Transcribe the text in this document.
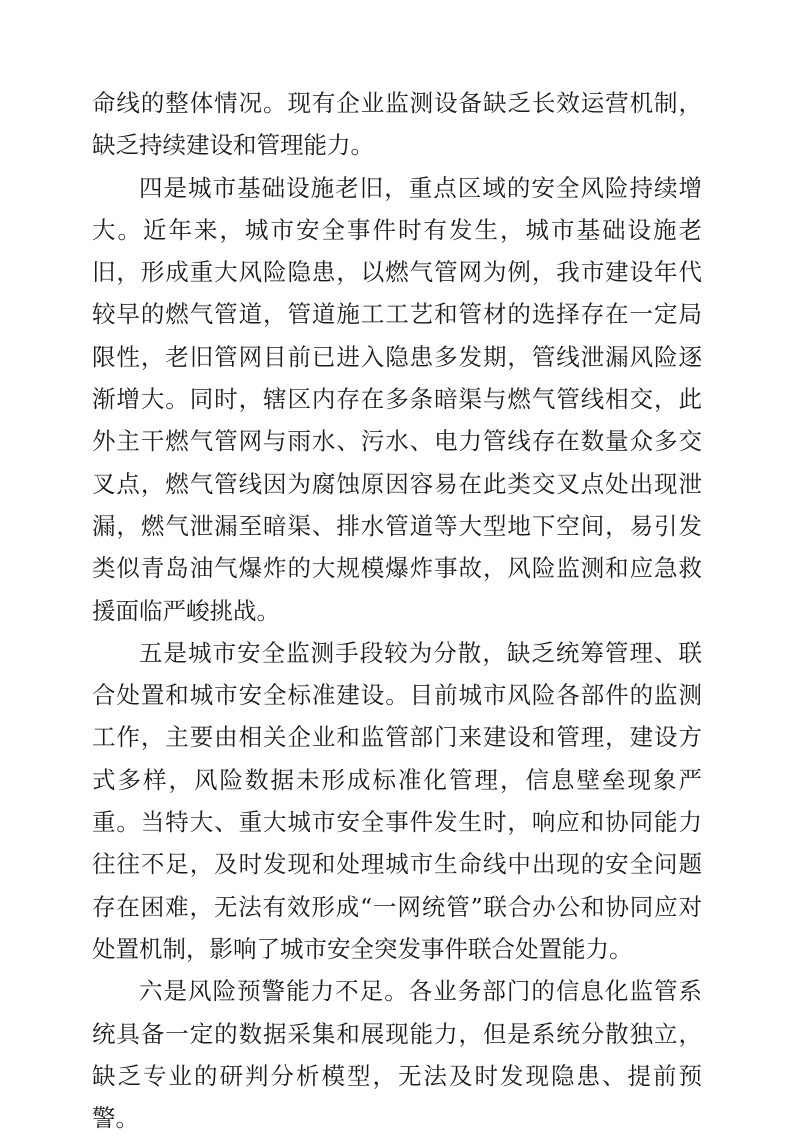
命线的整体情况。现有企业监测设备缺乏长效运营机制，缺乏持续建设和管理能力。

四是城市基础设施老旧，重点区域的安全风险持续增大。近年来，城市安全事件时有发生，城市基础设施老旧，形成重大风险隐患，以燃气管网为例，我市建设年代较早的燃气管道，管道施工工艺和管材的选择存在一定局限性，老旧管网目前已进入隐患多发期，管线泄漏风险逐渐增大。同时，辖区内存在多条暗渠与燃气管线相交，此外主干燃气管网与雨水、污水、电力管线存在数量众多交叉点，燃气管线因为腐蚀原因容易在此类交叉点处出现泄漏，燃气泄漏至暗渠、排水管道等大型地下空间，易引发类似青岛油气爆炸的大规模爆炸事故，风险监测和应急救援面临严峻挑战。

五是城市安全监测手段较为分散，缺乏统筹管理、联合处置和城市安全标准建设。目前城市风险各部件的监测工作，主要由相关企业和监管部门来建设和管理，建设方式多样，风险数据未形成标准化管理，信息壁垒现象严重。当特大、重大城市安全事件发生时，响应和协同能力往往不足，及时发现和处理城市生命线中出现的安全问题存在困难，无法有效形成“一网统管”联合办公和协同应对处置机制，影响了城市安全突发事件联合处置能力。

六是风险预警能力不足。各业务部门的信息化监管系统具备一定的数据采集和展现能力，但是系统分散独立，缺乏专业的研判分析模型，无法及时发现隐患、提前预警。
